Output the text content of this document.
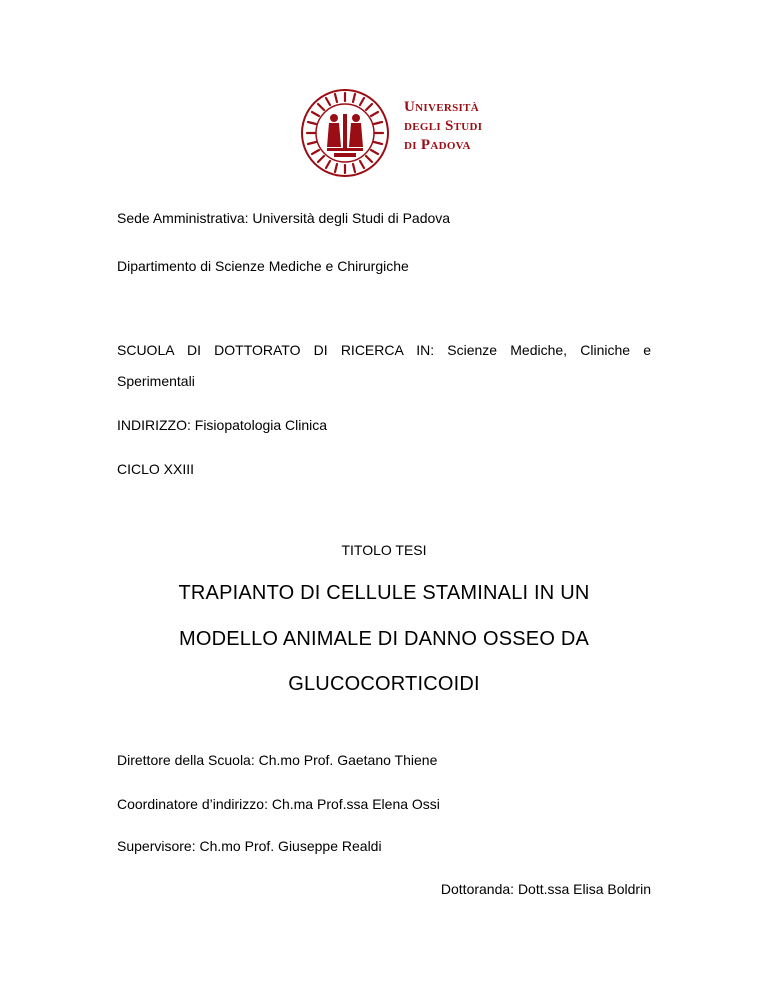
Università
degli Studi
di Padova
Sede Amministrativa: Università degli Studi di Padova
Dipartimento di Scienze Mediche e Chirurgiche
SCUOLA DI DOTTORATO DI RICERCA IN: Scienze Mediche, Cliniche e
Sperimentali
INDIRIZZO: Fisiopatologia Clinica
CICLO XXIII
TITOLO TESI
TRAPIANTO DI CELLULE STAMINALI IN UN
MODELLO ANIMALE DI DANNO OSSEO DA
GLUCOCORTICOIDI
Direttore della Scuola: Ch.mo Prof. Gaetano Thiene
Coordinatore d’indirizzo: Ch.ma Prof.ssa Elena Ossi
Supervisore: Ch.mo Prof. Giuseppe Realdi
Dottoranda: Dott.ssa Elisa Boldrin
